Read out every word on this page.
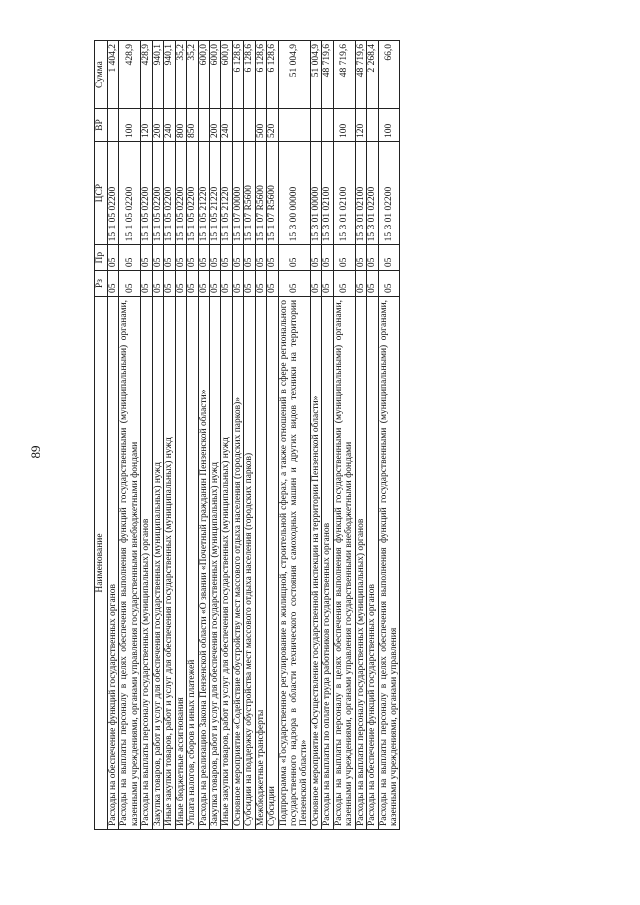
89
Наименование	Рз	Пр	ЦСР	ВР	Сумма
Расходы на обеспечение функций государственных органов	05	05	15 1 05 02200		1 404,2
Расходы на выплаты персоналу в целях обеспечения выполнения функций государственными (муниципальными) органами, казенными учреждениями, органами управления государственными внебюджетными фондами	05	05	15 1 05 02200	100	428,9
Расходы на выплаты персоналу государственных (муниципальных) органов	05	05	15 1 05 02200	120	428,9
Закупка товаров, работ и услуг для обеспечения государственных (муниципальных) нужд	05	05	15 1 05 02200	200	940,1
Иные закупки товаров, работ и услуг для обеспечения государственных (муниципальных) нужд	05	05	15 1 05 02200	240	940,1
Иные бюджетные ассигнования	05	05	15 1 05 02200	800	35,2
Уплата налогов, сборов и иных платежей	05	05	15 1 05 02200	850	35,2
Расходы на реализацию Закона Пензенской области «О звании «Почетный гражданин Пензенской области»	05	05	15 1 05 21220		600,0
Закупка товаров, работ и услуг для обеспечения государственных (муниципальных) нужд	05	05	15 1 05 21220	200	600,0
Иные закупки товаров, работ и услуг для обеспечения государственных (муниципальных) нужд	05	05	15 1 05 21220	240	600,0
Основное мероприятие «Содействие обустройству мест массового отдыха населения (городских парков)»	05	05	15 1 07 00000		6 128,6
Субсидии на поддержку обустройства мест массового отдыха населения (городских парков)	05	05	15 1 07 R5600		6 128,6
Межбюджетные трансферты	05	05	15 1 07 R5600	500	6 128,6
Субсидии	05	05	15 1 07 R5600	520	6 128,6
Подпрограмма «Государственное регулирование в жилищной, строительной сферах, а также отношений в сфере регионального государственного надзора в области технического состояния самоходных машин и других видов техники на территории Пензенской области»	05	05	15 3 00 00000		51 004,9
Основное мероприятие «Осуществление государственной инспекции на территории Пензенской области»	05	05	15 3 01 00000		51 004,9
Расходы на выплаты по оплате труда работников государственных органов	05	05	15 3 01 02100		48 719,6
Расходы на выплаты персоналу в целях обеспечения выполнения функций государственными (муниципальными) органами, казенными учреждениями, органами управления государственными внебюджетными фондами	05	05	15 3 01 02100	100	48 719,6
Расходы на выплаты персоналу государственных (муниципальных) органов	05	05	15 3 01 02100	120	48 719,6
Расходы на обеспечение функций государственных органов	05	05	15 3 01 02200		2 268,4
Расходы на выплаты персоналу в целях обеспечения выполнения функций государственными (муниципальными) органами, казенными учреждениями, органами управления	05	05	15 3 01 02200	100	66,0
